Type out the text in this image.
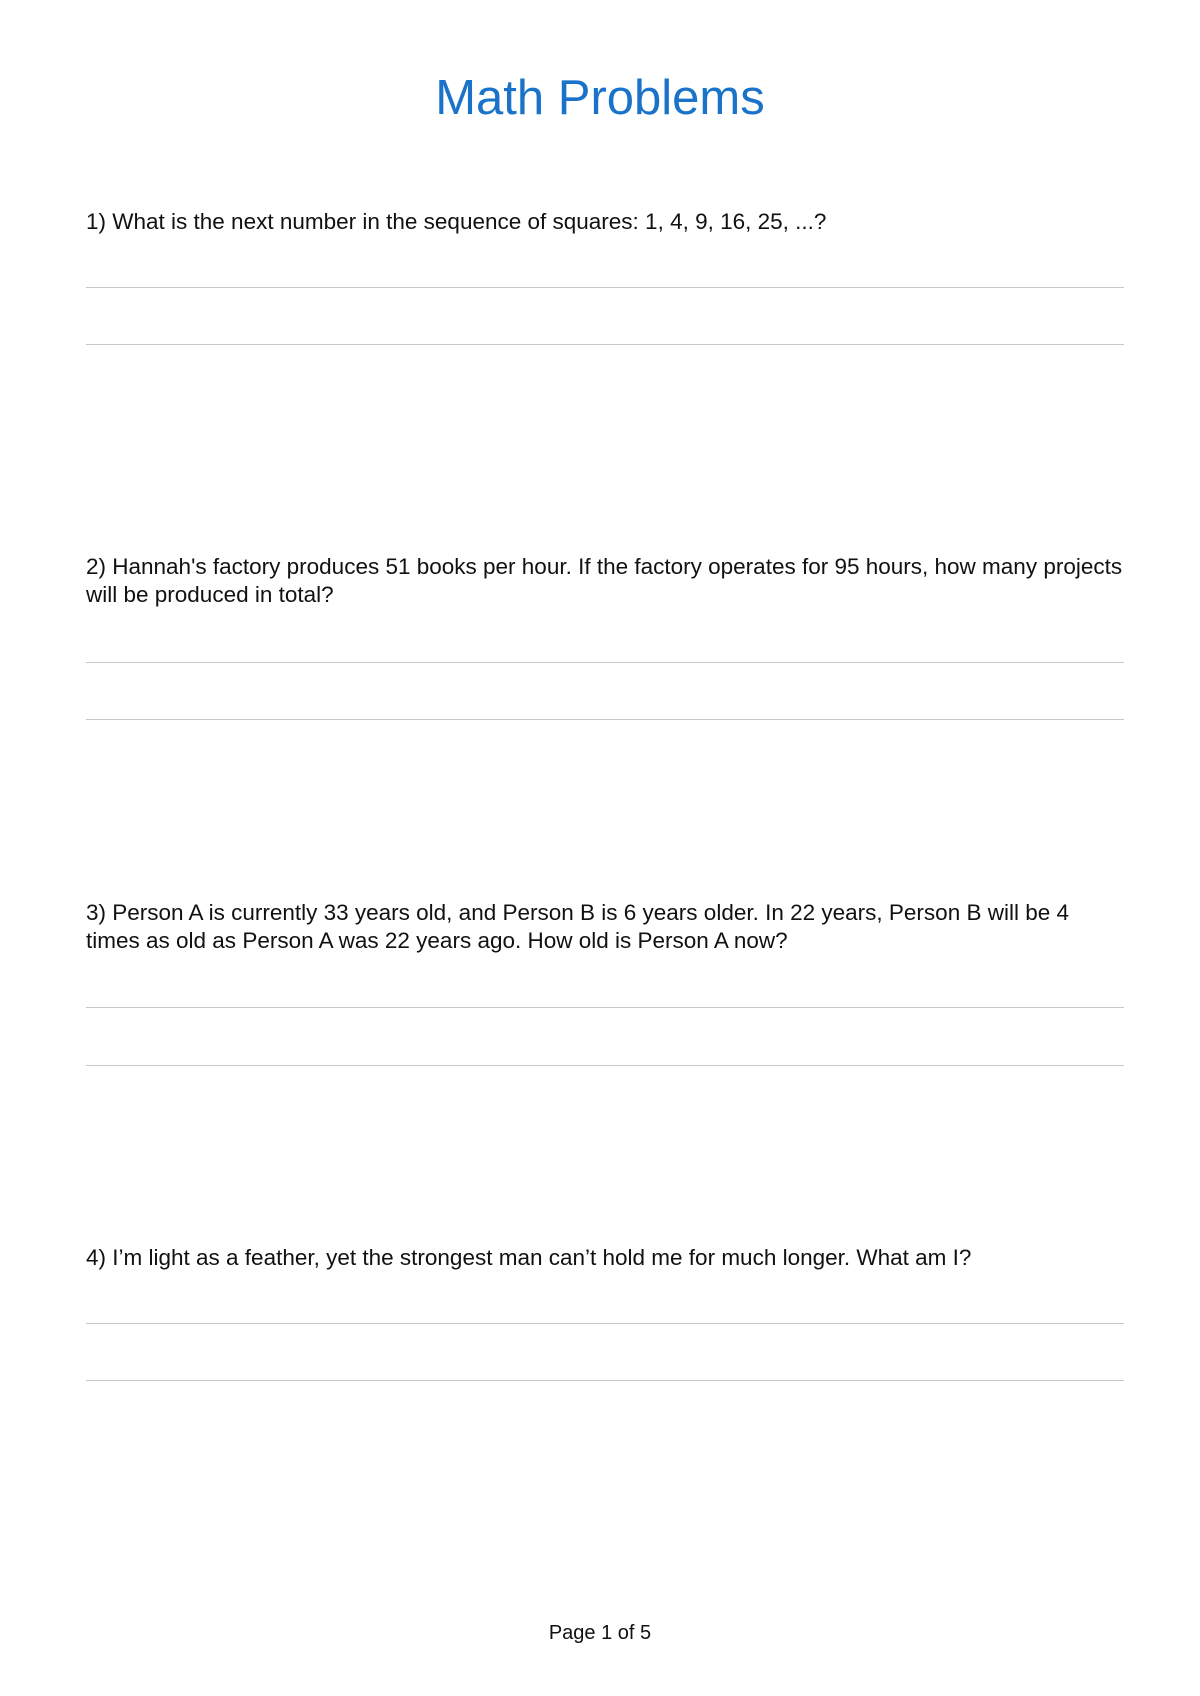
Math Problems

1) What is the next number in the sequence of squares: 1, 4, 9, 16, 25, ...?

2) Hannah's factory produces 51 books per hour. If the factory operates for 95 hours, how many projects will be produced in total?

3) Person A is currently 33 years old, and Person B is 6 years older. In 22 years, Person B will be 4 times as old as Person A was 22 years ago. How old is Person A now?

4) I’m light as a feather, yet the strongest man can’t hold me for much longer. What am I?

Page 1 of 5
